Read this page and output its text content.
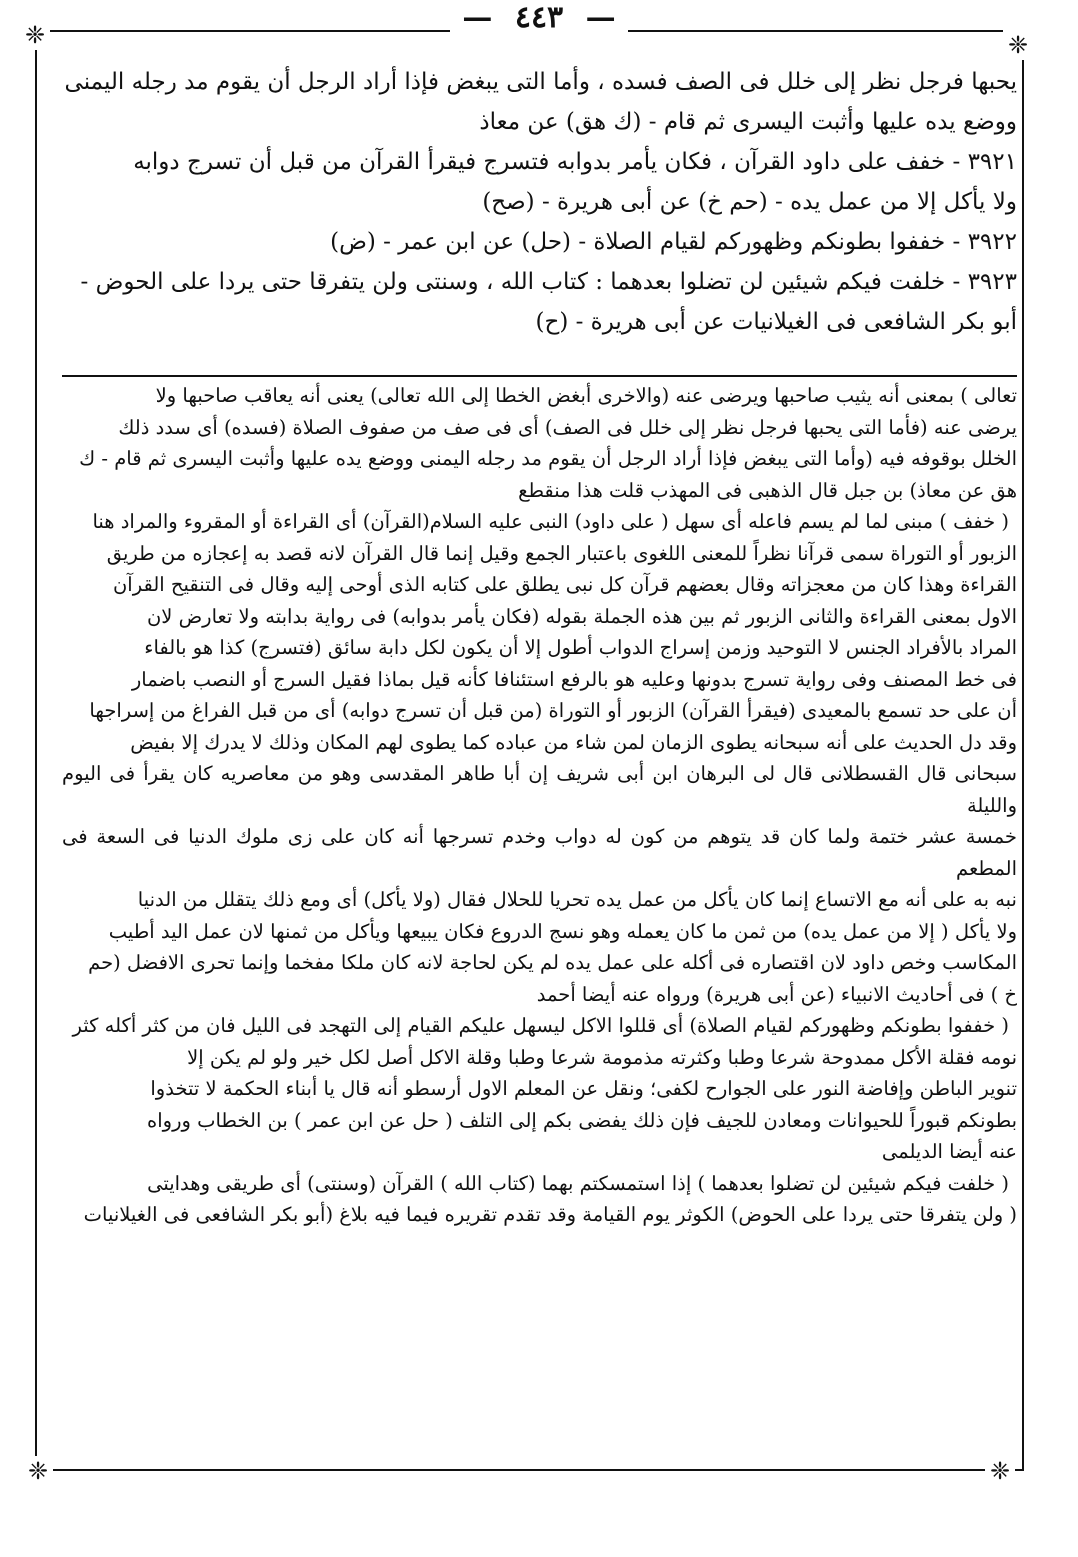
❈	❈
❈	❈
— ٤٤٣ —

يحبها فرجل نظر إلى خلل فى الصف فسده ، وأما التى يبغض فإذا أراد الرجل أن يقوم مد رجله اليمنى

ووضع يده عليها وأثبت اليسرى ثم قام - (ك هق) عن معاذ

٣٩٢١ - خفف على داود القرآن ، فكان يأمر بدوابه فتسرج فيقرأ القرآن من قبل أن تسرج دوابه

ولا يأكل إلا من عمل يده - (حم خ) عن أبى هريرة - (صح)

٣٩٢٢ - خففوا بطونكم وظهوركم لقيام الصلاة - (حل) عن ابن عمر - (ض)

٣٩٢٣ - خلفت فيكم شيئين لن تضلوا بعدهما : كتاب الله ، وسنتى ولن يتفرقا حتى يردا على الحوض -

أبو بكر الشافعى فى الغيلانيات عن أبى هريرة - (ح)

تعالى ) بمعنى أنه يثيب صاحبها ويرضى عنه (والاخرى أبغض الخطا إلى الله تعالى) يعنى أنه يعاقب صاحبها ولا

يرضى عنه (فأما التى يحبها فرجل نظر إلى خلل فى الصف) أى فى صف من صفوف الصلاة (فسده) أى سدد ذلك

الخلل بوقوفه فيه (وأما التى يبغض فإذا أراد الرجل أن يقوم مد رجله اليمنى ووضع يده عليها وأثبت اليسرى ثم قام - ك

هق عن معاذ) بن جبل قال الذهبى فى المهذب قلت هذا منقطع

( خفف ) مبنى لما لم يسم فاعله أى سهل ( على داود) النبى عليه السلام(القرآن) أى القراءة أو المقروء والمراد هنا

الزبور أو التوراة سمى قرآنا نظراً للمعنى اللغوى باعتبار الجمع وقيل إنما قال القرآن لانه قصد به إعجازه من طريق

القراءة وهذا كان من معجزاته وقال بعضهم قرآن كل نبى يطلق على كتابه الذى أوحى إليه وقال فى التنقيح القرآن

الاول بمعنى القراءة والثانى الزبور ثم بين هذه الجملة بقوله (فكان يأمر بدوابه) فى رواية بدابته ولا تعارض لان

المراد بالأفراد الجنس لا التوحيد وزمن إسراج الدواب أطول إلا أن يكون لكل دابة سائق (فتسرج) كذا هو بالفاء

فى خط المصنف وفى رواية تسرج بدونها وعليه هو بالرفع استئنافا كأنه قيل بماذا فقيل السرج أو النصب باضمار

أن على حد تسمع بالمعيدى (فيقرأ القرآن) الزبور أو التوراة (من قبل أن تسرج دوابه) أى من قبل الفراغ من إسراجها

وقد دل الحديث على أنه سبحانه يطوى الزمان لمن شاء من عباده كما يطوى لهم المكان وذلك لا يدرك إلا بفيض

سبحانى قال القسطلانى قال لى البرهان ابن أبى شريف إن أبا طاهر المقدسى وهو من معاصريه كان يقرأ فى اليوم والليلة

خمسة عشر ختمة ولما كان قد يتوهم من كون له دواب وخدم تسرجها أنه كان على زى ملوك الدنيا فى السعة فى المطعم

نبه به على أنه مع الاتساع إنما كان يأكل من عمل يده تحريا للحلال فقال (ولا يأكل) أى ومع ذلك يتقلل من الدنيا

ولا يأكل ( إلا من عمل يده) من ثمن ما كان يعمله وهو نسج الدروع فكان يبيعها ويأكل من ثمنها لان عمل اليد أطيب

المكاسب وخص داود لان اقتصاره فى أكله على عمل يده لم يكن لحاجة لانه كان ملكا مفخما وإنما تحرى الافضل (حم

خ ) فى أحاديث الانبياء (عن أبى هريرة) ورواه عنه أيضا أحمد

( خففوا بطونكم وظهوركم لقيام الصلاة) أى قللوا الاكل ليسهل عليكم القيام إلى التهجد فى الليل فان من كثر أكله كثر

نومه فقلة الأكل ممدوحة شرعا وطبا وكثرته مذمومة شرعا وطبا وقلة الاكل أصل لكل خير ولو لم يكن إلا

تنوير الباطن وإفاضة النور على الجوارح لكفى؛ ونقل عن المعلم الاول أرسطو أنه قال يا أبناء الحكمة لا تتخذوا

بطونكم قبوراً للحيوانات ومعادن للجيف فإن ذلك يفضى بكم إلى التلف ( حل عن ابن عمر ) بن الخطاب ورواه

عنه أيضا الديلمى

( خلفت فيكم شيئين لن تضلوا بعدهما ) إذا استمسكتم بهما (كتاب الله ) القرآن (وسنتى) أى طريقى وهدايتى

( ولن يتفرقا حتى يردا على الحوض) الكوثر يوم القيامة وقد تقدم تقريره فيما فيه بلاغ (أبو بكر الشافعى فى الغيلانيات
